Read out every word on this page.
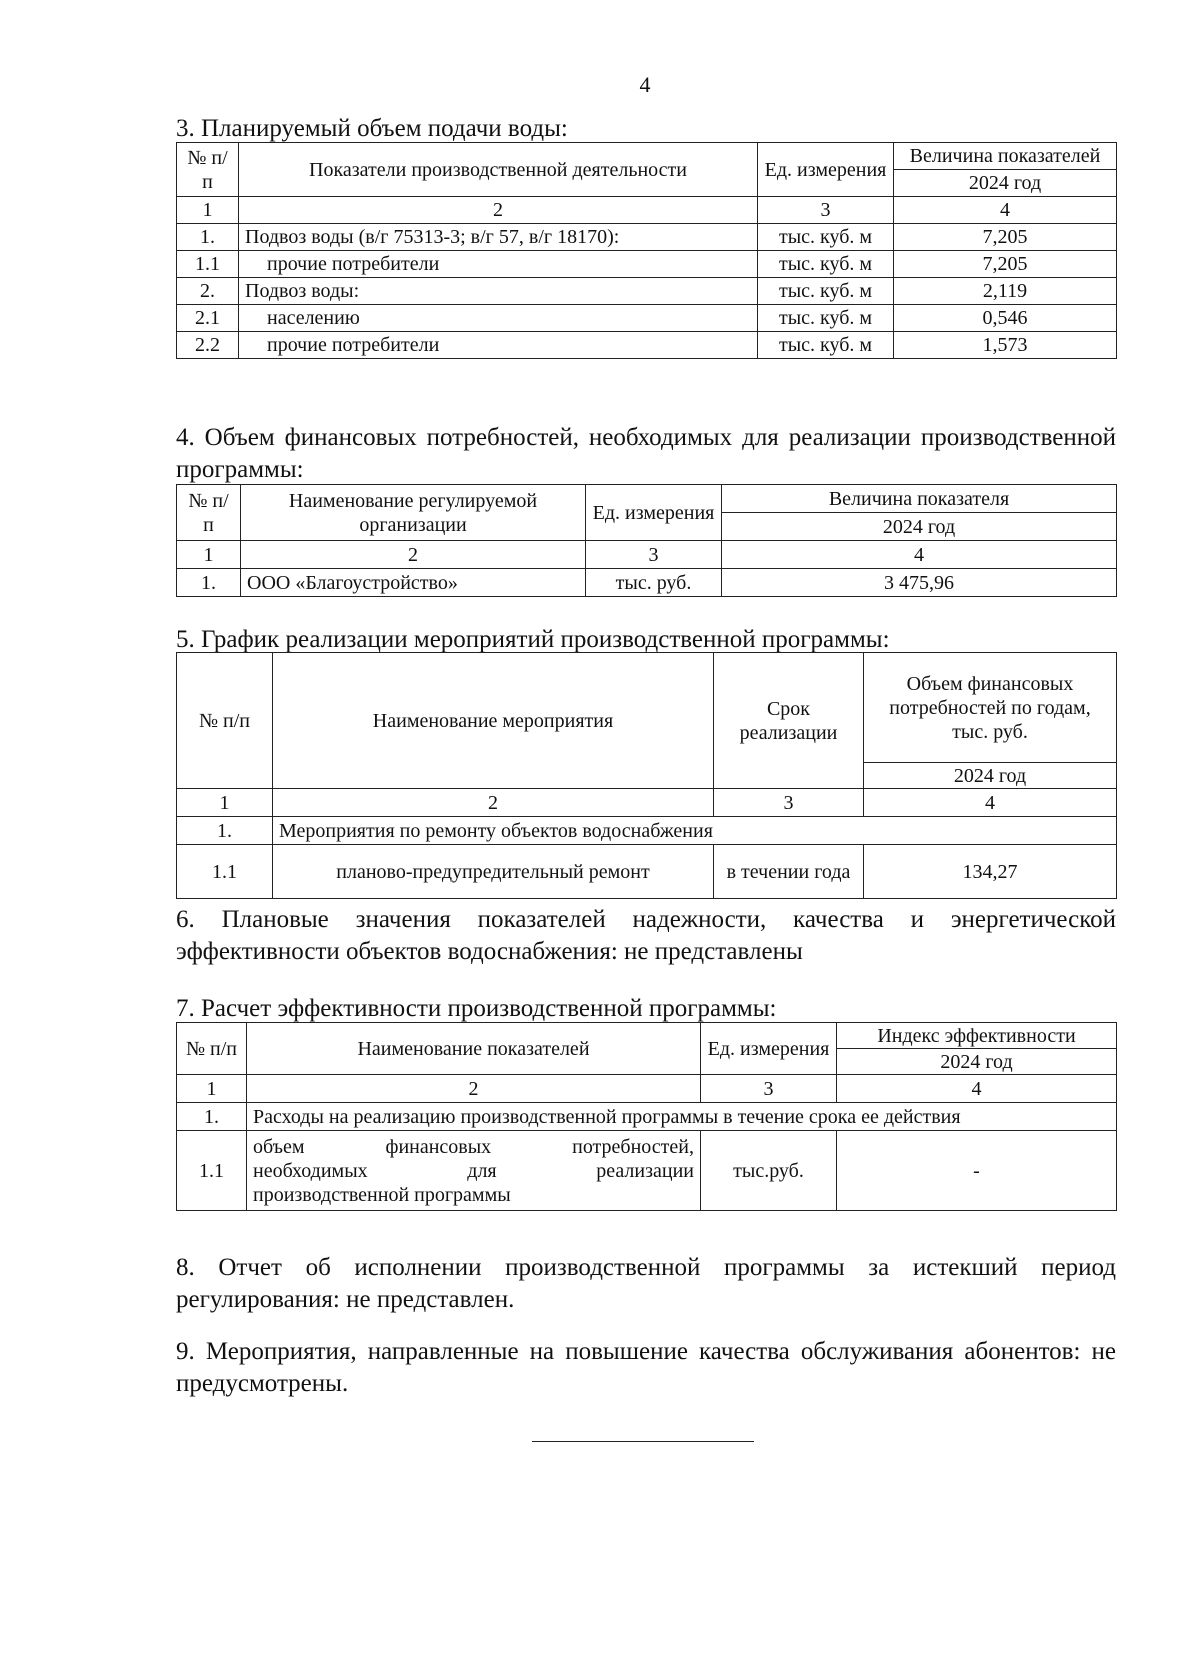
4
3. Планируемый объем подачи воды:
№ п/п	Показатели производственной деятельности	Ед. измерения	Величина показателей
			2024 год
1	2	3	4
1.	Подвоз воды (в/г 75313-3; в/г 57, в/г 18170):	тыс. куб. м	7,205
1.1	прочие потребители	тыс. куб. м	7,205
2.	Подвоз воды:	тыс. куб. м	2,119
2.1	населению	тыс. куб. м	0,546
2.2	прочие потребители	тыс. куб. м	1,573
4. Объем финансовых потребностей, необходимых для реализации производственной программы:
№ п/п	Наименование регулируемой организации	Ед. измерения	Величина показателя
			2024 год
1	2	3	4
1.	ООО «Благоустройство»	тыс. руб.	3 475,96
5. График реализации мероприятий производственной программы:
№ п/п	Наименование мероприятия	Срок реализации	Объем финансовых потребностей по годам, тыс. руб.
			2024 год
1	2	3	4
1.	Мероприятия по ремонту объектов водоснабжения		
1.1	планово-предупредительный ремонт	в течении года	134,27
6. Плановые значения показателей надежности, качества и энергетической эффективности объектов водоснабжения: не представлены
7. Расчет эффективности производственной программы:
№ п/п	Наименование показателей	Ед. измерения	Индекс эффективности
			2024 год
1	2	3	4
1.	Расходы на реализацию производственной программы в течение срока ее действия		
1.1	объем финансовых потребностей,
необходимых для реализации
производственной программы	тыс.руб.	-
8. Отчет об исполнении производственной программы за истекший период регулирования: не представлен.
9. Мероприятия, направленные на повышение качества обслуживания абонентов: не предусмотрены.
